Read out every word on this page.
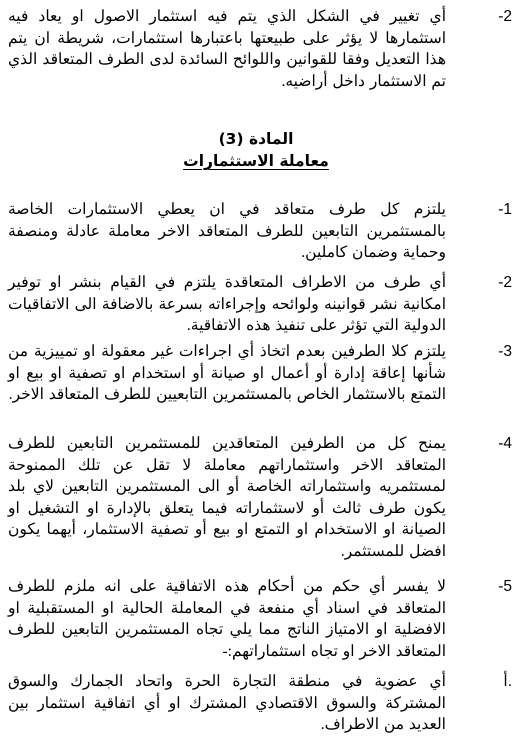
-2

أي تغيير في الشكل الذي يتم فيه استثمار الاصول او يعاد فيه استثمارها لا يؤثر على طبيعتها باعتبارها استثمارات، شريطة ان يتم هذا التعديل وفقا للقوانين واللوائح السائدة لدى الطرف المتعاقد الذي تم الاستثمار داخل أراضيه.

المادة (3)
معاملة الاستثمارات
-1

يلتزم كل طرف متعاقد في ان يعطي الاستثمارات الخاصة بالمستثمرين التابعين للطرف المتعاقد الاخر معاملة عادلة ومنصفة وحماية وضمان كاملين.

-2

أي طرف من الاطراف المتعاقدة يلتزم في القيام بنشر او توفير امكانية نشر قوانينه ولوائحه وإجراءاته بسرعة بالاضافة الى الاتفاقيات الدولية التي تؤثر على تنفيذ هذه الاتفاقية.

-3

يلتزم كلا الطرفين بعدم اتخاذ أي اجراءات غير معقولة او تمييزية من شأنها إعاقة إدارة أو أعمال او صيانة أو استخدام او تصفية او بيع او التمتع بالاستثمار الخاص بالمستثمرين التابعيين للطرف المتعاقد الاخر.

-4

يمنح كل من الطرفين المتعاقدين للمستثمرين التابعين للطرف المتعاقد الاخر واستثماراتهم معاملة لا تقل عن تلك الممنوحة لمستثمريه واستثماراته الخاصة أو الى المستثمرين التابعين لاي بلد يكون طرف ثالث أو لاستثماراته فيما يتعلق بالإدارة او التشغيل او الصيانة او الاستخدام او التمتع او بيع أو تصفية الاستثمار، أيهما يكون افضل للمستثمر.

-5

لا يفسر أي حكم من أحكام هذه الاتفاقية على انه ملزم للطرف المتعاقد في اسناد أي منفعة في المعاملة الحالية او المستقبلية او الافضلية او الامتياز الناتج مما يلي تجاه المستثمرين التابعين للطرف المتعاقد الاخر او تجاه استثماراتهم:-

أ.

أي عضوية في منطقة التجارة الحرة واتحاد الجمارك والسوق المشتركة والسوق الاقتصادي المشترك او أي اتفاقية استثمار بين العديد من الاطراف.
